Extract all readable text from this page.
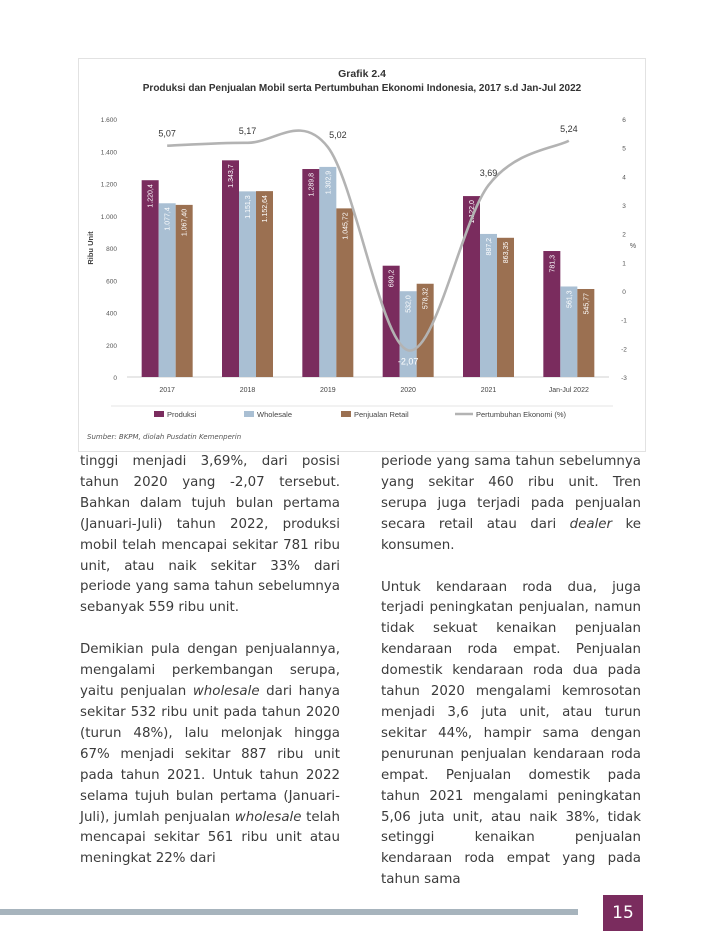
Grafik 2.4
Produksi dan Penjualan Mobil serta Pertumbuhan Ekonomi Indonesia, 2017 s.d Jan-Jul 2022
0
200
400
600
800
1.000
1.200
1.400
1.600
-3
-2
-1
0
1
2
3
4
5
6
Ribu Unit	%
1.220,4
1.077,4 1.067,40
2017
1.343,7
1.151,3 1.152,64
2018
1.289,8 1.302,9
1.045,72
2019
690,2
532,0 578,32
2020
1.122,0
887,2 863,35
2021
781,3
561,3 545,77
Jan-Jul 2022
5,07	5,17	5,02
-2,07
3,69
5,24
Produksi	Wholesale	Penjualan Retail	Pertumbuhan Ekonomi (%)
Sumber: BKPM, diolah Pusdatin Kemenperin

tinggi menjadi 3,69%, dari posisi tahun 2020 yang -2,07 tersebut. Bahkan dalam tujuh bulan pertama (Januari-Juli) tahun 2022, produksi mobil telah mencapai sekitar 781 ribu unit, atau naik sekitar 33% dari periode yang sama tahun sebelumnya sebanyak 559 ribu unit.

Demikian pula dengan penjualannya, mengalami perkembangan serupa, yaitu penjualan wholesale dari hanya sekitar 532 ribu unit pada tahun 2020 (turun 48%), lalu melonjak hingga 67% menjadi sekitar 887 ribu unit pada tahun 2021. Untuk tahun 2022 selama tujuh bulan pertama (Januari-Juli), jumlah penjualan wholesale telah mencapai sekitar 561 ribu unit atau meningkat 22% dari

periode yang sama tahun sebelumnya yang sekitar 460 ribu unit. Tren serupa juga terjadi pada penjualan secara retail atau dari dealer ke konsumen.

Untuk kendaraan roda dua, juga terjadi peningkatan penjualan, namun tidak sekuat kenaikan penjualan kendaraan roda empat. Penjualan domestik kendaraan roda dua pada tahun 2020 mengalami kemrosotan menjadi 3,6 juta unit, atau turun sekitar 44%, hampir sama dengan penurunan penjualan kendaraan roda empat. Penjualan domestik pada tahun 2021 mengalami peningkatan 5,06 juta unit, atau naik 38%, tidak setinggi kenaikan penjualan kendaraan roda empat yang pada tahun sama

15
